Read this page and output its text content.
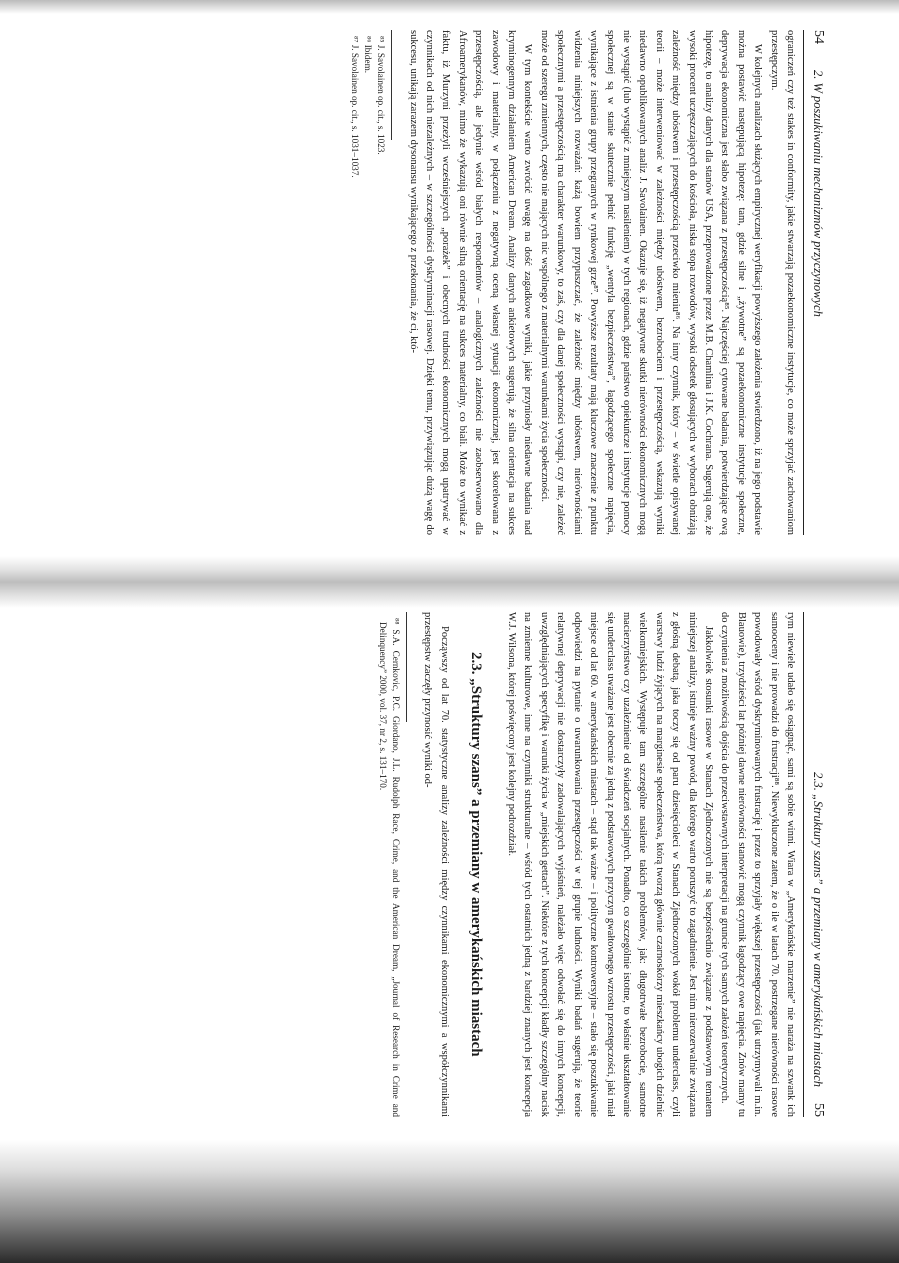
54
2. W poszukiwaniu mechanizmów przyczynowych

ograniczeń czy też stakes in conformity, jakie stwarzają pozaekonomiczne instytucje, co może sprzyjać zachowaniom przestępczym.

W kolejnych analizach służących empirycznej weryfikacji powyższego założenia stwierdzono, iż na jego podstawie można postawić następującą hipotezę: tam, gdzie silne i „żywotne” są pozaekonomiczne instytucje społeczne, deprywacja ekonomiczna jest słabo związana z przestępczością⁸⁵. Najczęściej cytowane badania, potwierdzające ową hipotezę, to analizy danych dla stanów USA, przeprowadzone przez M.B. Chamlina i J.K. Cochrana. Sugerują one, że wysoki procent uczęszczających do kościoła, niska stopa rozwodów, wysoki odsetek głosujących w wyborach obniżają zależność między ubóstwem i przestępczością przeciwko mieniu⁸⁶. Na inny czynnik, który – w świetle opisywanej teorii – może interweniować w zależności między ubóstwem, bezrobociem i przestępczością, wskazują wyniki niedawno opublikowanych analiz J. Savolainen. Okazuje się, iż negatywne skutki nierówności ekonomicznych mogą nie wystąpić (lub wystąpić z mniejszym nasileniem) w tych regionach, gdzie państwo opiekuńcze i instytucje pomocy społecznej są w stanie skutecznie pełnić funkcję „wentyla bezpieczeństwa”, łagodzącego społeczne napięcia, wynikające z istnienia grupy przegranych w rynkowej grze⁸⁷. Powyższe rezultaty mają kluczowe znaczenie z punktu widzenia niniejszych rozważań: każą bowiem przypuszczać, że zależność między ubóstwem, nierównościami społecznymi a przestępczością ma charakter warunkowy, to zaś, czy dla danej społeczności wystąpi, czy nie, zależeć może od szeregu zmiennych, często nie mających nic wspólnego z materialnymi warunkami życia społeczności.

W tym kontekście warto zwrócić uwagę na dość zagadkowe wyniki, jakie przyniosły niedawne badania nad kryminogennym działaniem American Dream. Analizy danych ankietowych sugerują, że silna orientacja na sukces zawodowy i materialny, w połączeniu z negatywną oceną własnej sytuacji ekonomicznej, jest skorelowana z przestępczością, ale jedynie wśród białych respondentów – analogicznych zależności nie zaobserwowano dla Afroamerykanów, mimo że wykazują oni równie silną orientację na sukces materialny, co biali. Może to wynikać z faktu, iż Murzyni przeżyli wcześniejszych „porażek” i obecnych trudności ekonomicznych mogą upatrywać w czynnikach od nich niezależnych – w szczególności dyskryminacji rasowej. Dzięki temu, przywiązując dużą wagę do sukcesu, unikają zarazem dysonansu wynikającego z przekonania, że ci, któ-

⁸⁵ J. Savolainen op. cit., s. 1023.
⁸⁶ Ibidem.
⁸⁷ J. Savolainen op. cit., s. 1031–1037.
2.3. „Struktury szans” a przemiany w amerykańskich miastach
55

rym niewiele udało się osiągnąć, sami są sobie winni. Wiara w „Amerykańskie marzenie” nie naraża na szwank ich samooceny i nie prowadzi do frustracji⁸⁸. Niewykluczone zatem, że o ile w latach 70. postrzegane nierówności rasowe powodowały wśród dyskryminowanych frustrację i przez to sprzyjały większej przestępczości (jak utrzymywali m.in. Blauowie), trzydzieści lat później dawne nierówności stanowić mogą czynnik łagodzący owe napięcia. Znów mamy tu do czynienia z możliwością dojścia do przeciwstawnych interpretacji na gruncie tych samych założeń teoretycznych.

Jakkolwiek stosunki rasowe w Stanach Zjednoczonych nie są bezpośrednio związane z podstawowym tematem niniejszej analizy, istnieje ważny powód, dla którego warto poruszyć to zagadnienie. Jest nim nierozerwalnie związana z głośną debatą, jaka toczy się od paru dziesięcioleci w Stanach Zjednoczonych wokół problemu underclass, czyli warstwy ludzi żyjących na marginesie społeczeństwa, którą tworzą głównie czarnoskórzy mieszkańcy ubogich dzielnic wielkomiejskich. Występuje tam szczególne nasilenie takich problemów, jak: długotrwałe bezrobocie, samotne macierzyństwo czy uzależnienie od świadczeń socjalnych. Ponadto, co szczególnie istotne, to właśnie ukształtowanie się underclass uważane jest obecnie za jedną z podstawowych przyczyn gwałtownego wzrostu przestępczości, jaki miał miejsce od lat 60. w amerykańskich miastach – stąd tak ważne – i polityczne kontrowersyjne – stało się poszukiwanie odpowiedzi na pytanie o uwarunkowania przestępczości w tej grupie ludności. Wyniki badań sugerują, że teorie relatywnej deprywacji nie dostarczyły zadowalających wyjaśnień, należało więc odwołać się do innych koncepcji, uwzględniających specyfikę i warunki życia w „miejskich gettach”. Niektóre z tych koncepcji kładły szczególny nacisk na zmienne kulturowe, inne na czynniki strukturalne – wśród tych ostatnich jedną z bardziej znanych jest koncepcja W.J. Wilsona, której poświęcony jest kolejny podrozdział.

2.3. „Struktury szans” a przemiany w amerykańskich miastach

Począwszy od lat 70. statystyczne analizy zależności między czynnikami ekonomicznymi a współczynnikami przestępstw zaczęły przynosić wyniki od-

⁸⁸ S.A. Cernkovic, P.C. Giordano, J.L. Rudolph Race, Crime, and the American Dream, „Journal of Research in Crime and Delinquency” 2000, vol. 37, nr 2, s. 131–170.
